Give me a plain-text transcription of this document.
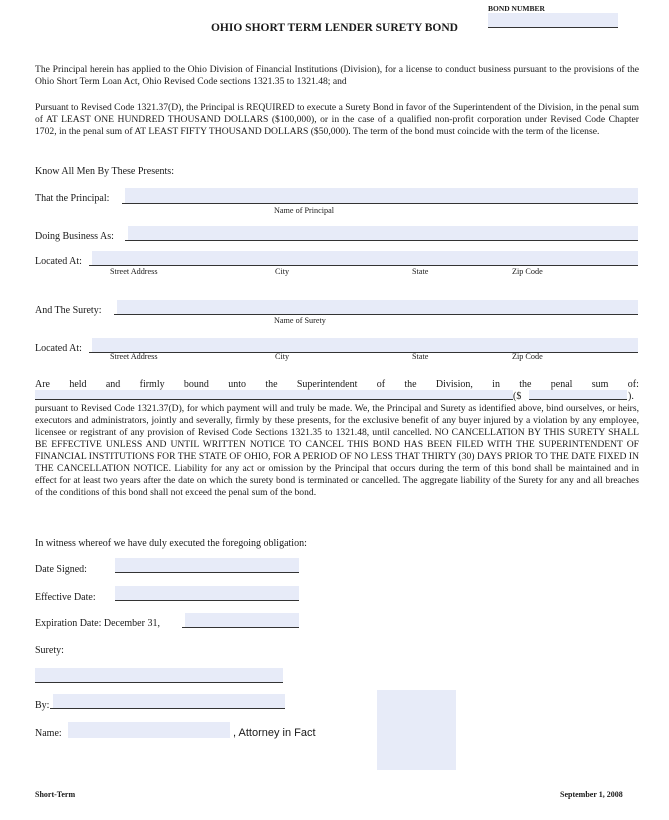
BOND NUMBER
OHIO SHORT TERM LENDER SURETY BOND

The Principal herein has applied to the Ohio Division of Financial Institutions (Division), for a license to conduct business pursuant to the provisions of the Ohio Short Term Loan Act, Ohio Revised Code sections 1321.35 to 1321.48; and

Pursuant to Revised Code 1321.37(D), the Principal is REQUIRED to execute a Surety Bond in favor of the Superintendent of the Division, in the penal sum of AT LEAST ONE HUNDRED THOUSAND DOLLARS ($100,000), or in the case of a qualified non-profit corporation under Revised Code Chapter 1702, in the penal sum of AT LEAST FIFTY THOUSAND DOLLARS ($50,000). The term of the bond must coincide with the term of the license.

Know All Men By These Presents:
That the Principal:
Name of Principal
Doing Business As:
Located At:
Street Address	City	State	Zip Code
And The Surety:
Name of Surety
Located At:
Street Address	City	State	Zip Code
Are held and firmly bound unto the Superintendent of the Division, in the penal sum of:
($	).

pursuant to Revised Code 1321.37(D), for which payment will and truly be made. We, the Principal and Surety as identified above, bind ourselves, or heirs, executors and administrators, jointly and severally, firmly by these presents, for the exclusive benefit of any buyer injured by a violation by any employee, licensee or registrant of any provision of Revised Code Sections 1321.35 to 1321.48, until cancelled. NO CANCELLATION BY THIS SURETY SHALL BE EFFECTIVE UNLESS AND UNTIL WRITTEN NOTICE TO CANCEL THIS BOND HAS BEEN FILED WITH THE SUPERINTENDENT OF FINANCIAL INSTITUTIONS FOR THE STATE OF OHIO, FOR A PERIOD OF NO LESS THAT THIRTY (30) DAYS PRIOR TO THE DATE FIXED IN THE CANCELLATION NOTICE. Liability for any act or omission by the Principal that occurs during the term of this bond shall be maintained and in effect for at least two years after the date on which the surety bond is terminated or cancelled. The aggregate liability of the Surety for any and all breaches of the conditions of this bond shall not exceed the penal sum of the bond.

In witness whereof we have duly executed the foregoing obligation:
Date Signed:
Effective Date:
Expiration Date: December 31,
Surety:
By:
Name:	, Attorney in Fact
Short-Term	September 1, 2008
